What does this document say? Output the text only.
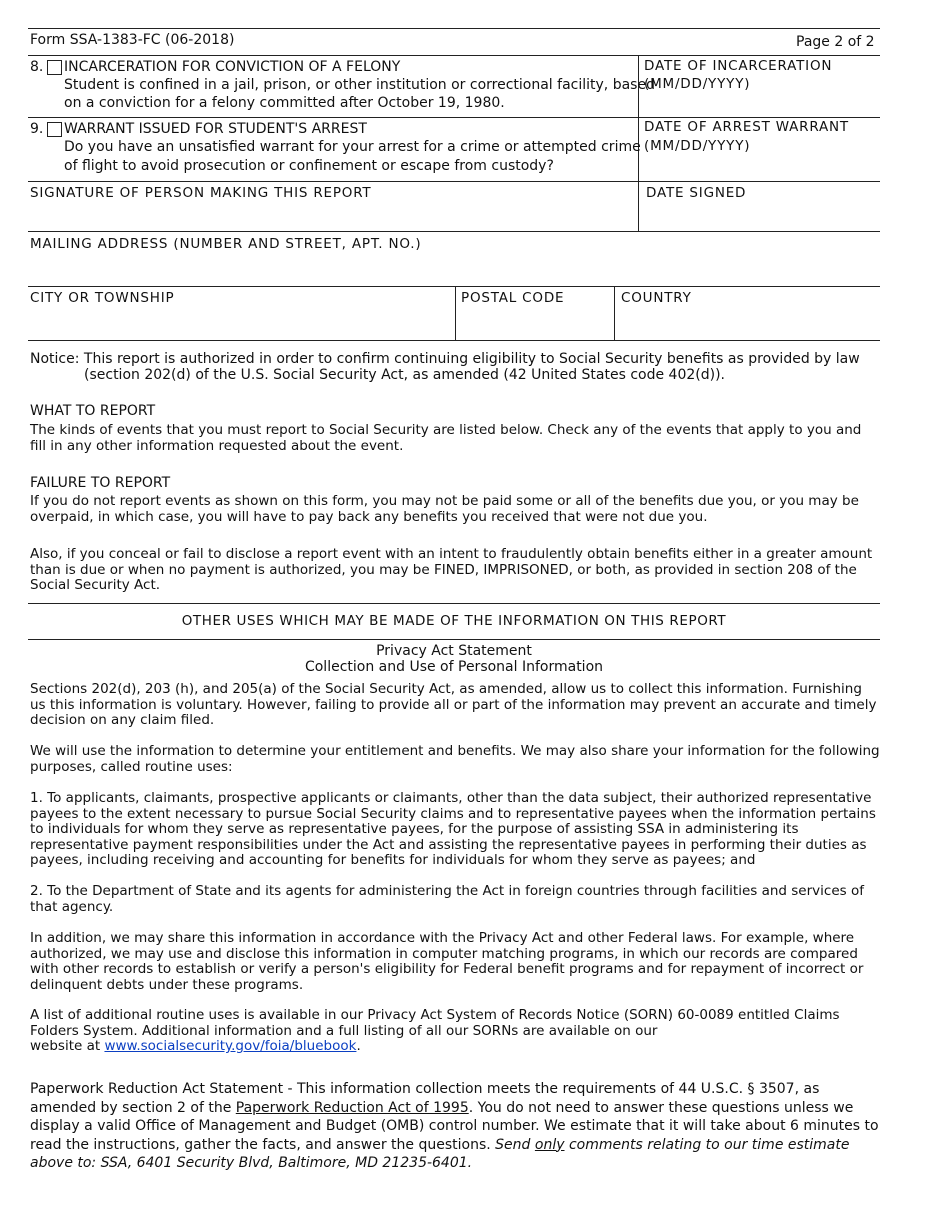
Form SSA-1383-FC (06-2018)	Page 2 of 2
8. INCARCERATION FOR CONVICTION OF A FELONY
Student is confined in a jail, prison, or other institution or correctional facility, based
on a conviction for a felony committed after October 19, 1980.
DATE OF INCARCERATION
(MM/DD/YYYY)
9. WARRANT ISSUED FOR STUDENT'S ARREST
Do you have an unsatisfied warrant for your arrest for a crime or attempted crime
of flight to avoid prosecution or confinement or escape from custody?
DATE OF ARREST WARRANT
(MM/DD/YYYY)
SIGNATURE OF PERSON MAKING THIS REPORT	DATE SIGNED
MAILING ADDRESS (NUMBER AND STREET, APT. NO.)
CITY OR TOWNSHIP	POSTAL CODE	COUNTRY
Notice: This report is authorized in order to confirm continuing eligibility to Social Security benefits as provided by law
(section 202(d) of the U.S. Social Security Act, as amended (42 United States code 402(d)).
WHAT TO REPORT
The kinds of events that you must report to Social Security are listed below. Check any of the events that apply to you and fill in any other information requested about the event.
FAILURE TO REPORT
If you do not report events as shown on this form, you may not be paid some or all of the benefits due you, or you may be overpaid, in which case, you will have to pay back any benefits you received that were not due you.
Also, if you conceal or fail to disclose a report event with an intent to fraudulently obtain benefits either in a greater amount than is due or when no payment is authorized, you may be FINED, IMPRISONED, or both, as provided in section 208 of the Social Security Act.
OTHER USES WHICH MAY BE MADE OF THE INFORMATION ON THIS REPORT
Privacy Act Statement
Collection and Use of Personal Information
Sections 202(d), 203 (h), and 205(a) of the Social Security Act, as amended, allow us to collect this information. Furnishing us this information is voluntary. However, failing to provide all or part of the information may prevent an accurate and timely decision on any claim filed.
We will use the information to determine your entitlement and benefits. We may also share your information for the following purposes, called routine uses:
1. To applicants, claimants, prospective applicants or claimants, other than the data subject, their authorized representative payees to the extent necessary to pursue Social Security claims and to representative payees when the information pertains to individuals for whom they serve as representative payees, for the purpose of assisting SSA in administering its representative payment responsibilities under the Act and assisting the representative payees in performing their duties as payees, including receiving and accounting for benefits for individuals for whom they serve as payees; and
2. To the Department of State and its agents for administering the Act in foreign countries through facilities and services of that agency.
In addition, we may share this information in accordance with the Privacy Act and other Federal laws. For example, where authorized, we may use and disclose this information in computer matching programs, in which our records are compared with other records to establish or verify a person's eligibility for Federal benefit programs and for repayment of incorrect or delinquent debts under these programs.
A list of additional routine uses is available in our Privacy Act System of Records Notice (SORN) 60-0089 entitled Claims
Folders System. Additional information and a full listing of all our SORNs are available on our
website at www.socialsecurity.gov/foia/bluebook.
Paperwork Reduction Act Statement - This information collection meets the requirements of 44 U.S.C. § 3507, as
amended by section 2 of the Paperwork Reduction Act of 1995. You do not need to answer these questions unless we
display a valid Office of Management and Budget (OMB) control number. We estimate that it will take about 6 minutes to
read the instructions, gather the facts, and answer the questions. Send only comments relating to our time estimate
above to: SSA, 6401 Security Blvd, Baltimore, MD 21235-6401.
